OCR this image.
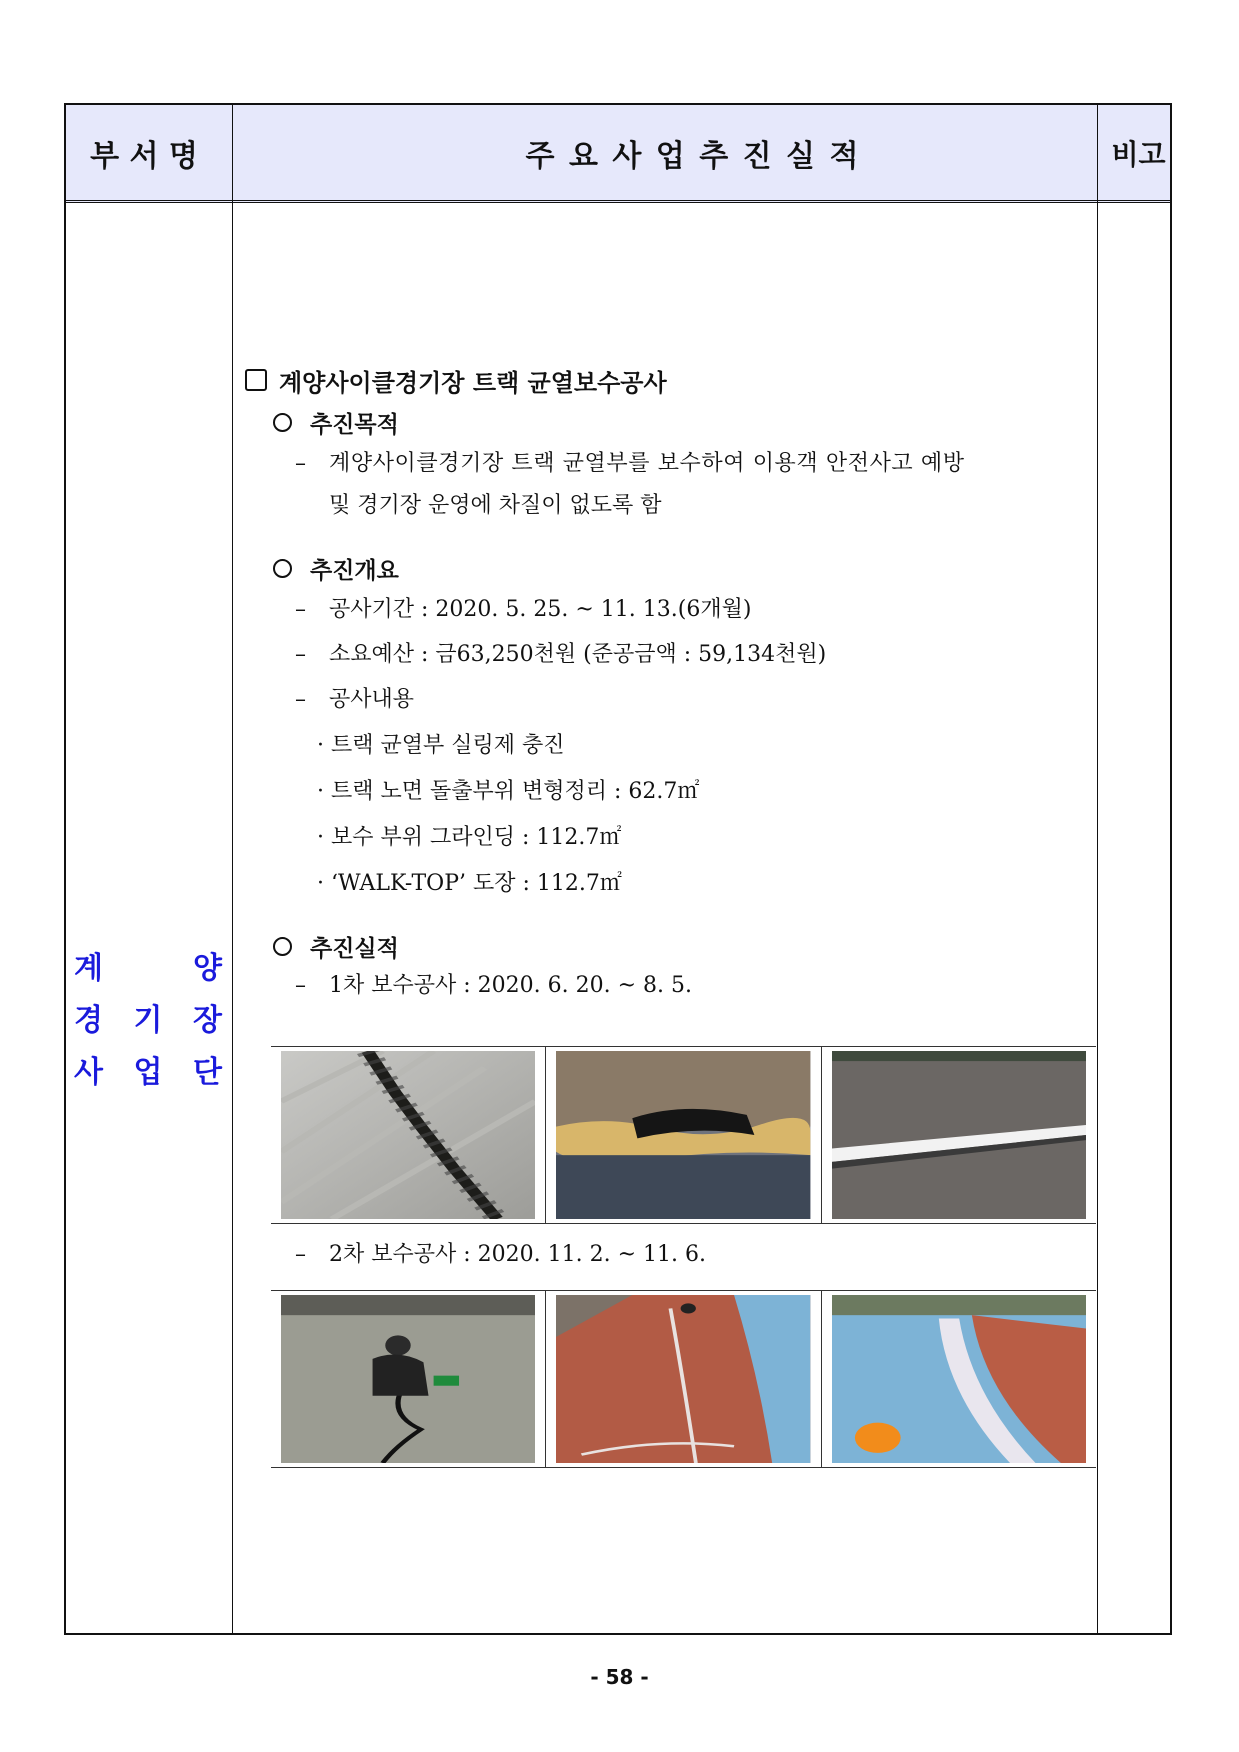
부 서 명	주 요 사 업 추 진 실 적	비고
계 양
경 기 장
사 업 단
계양사이클경기장 트랙 균열보수공사
추진목적
–	계양사이클경기장 트랙 균열부를 보수하여 이용객 안전사고 예방
및 경기장 운영에 차질이 없도록 함
추진개요
–	공사기간 : 2020. 5. 25. ~ 11. 13.(6개월)
–	소요예산 : 금63,250천원 (준공금액 : 59,134천원)
–	공사내용
· 트랙 균열부 실링제 충진
· 트랙 노면 돌출부위 변형정리 : 62.7㎡
· 보수 부위 그라인딩 : 112.7㎡
· ‘WALK-TOP’ 도장 : 112.7㎡
추진실적
–	1차 보수공사 : 2020. 6. 20. ~ 8. 5.
–	2차 보수공사 : 2020. 11. 2. ~ 11. 6.
- 58 -
